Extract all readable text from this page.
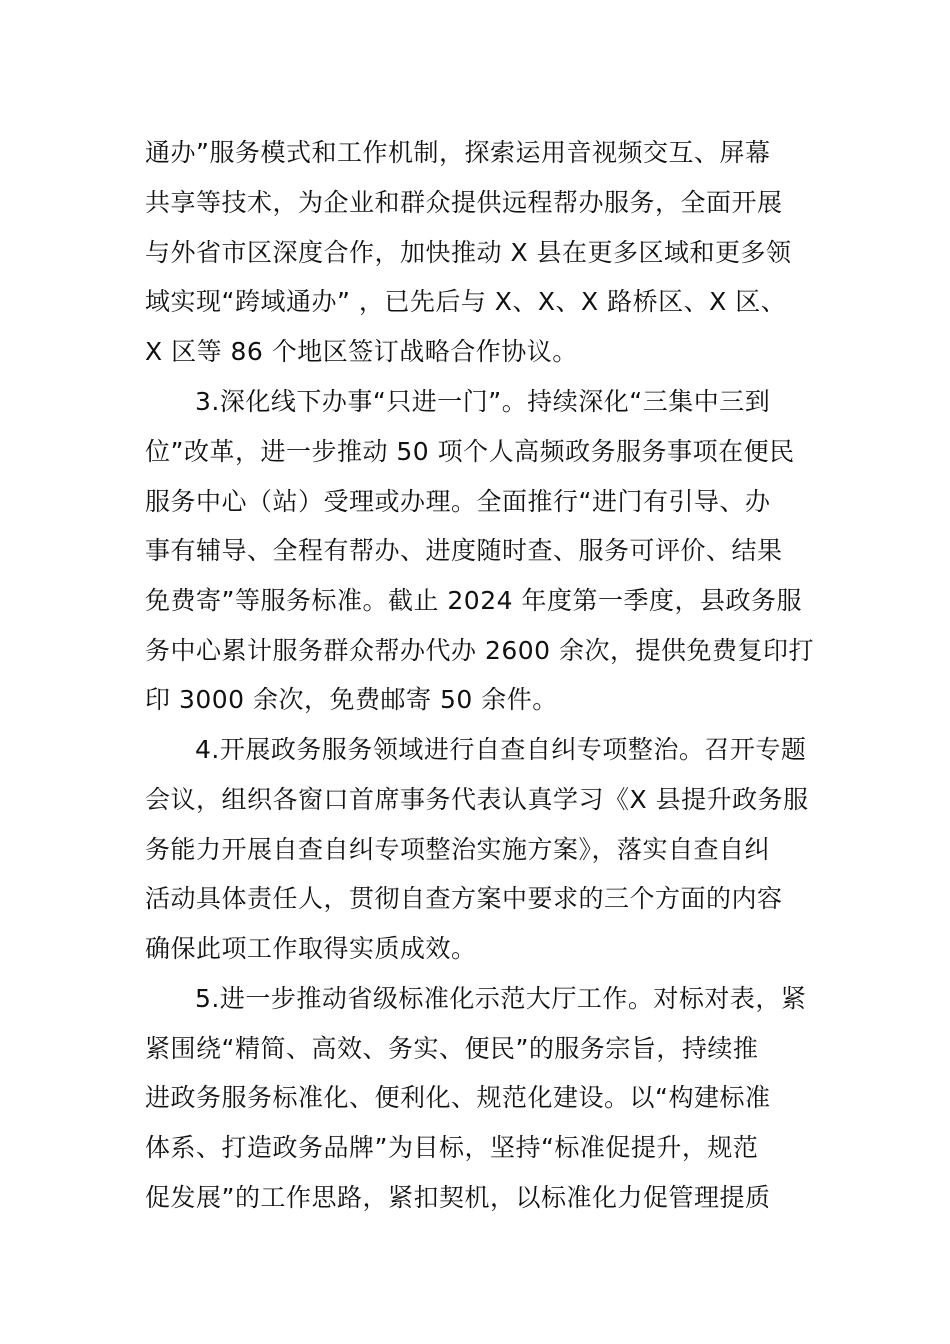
通办”服务模式和工作机制，探索运用音视频交互、屏幕
共享等技术，为企业和群众提供远程帮办服务，全面开展
与外省市区深度合作，加快推动 X 县在更多区域和更多领
域实现“跨域通办” ，已先后与 X、X、X 路桥区、X 区、
X 区等 86 个地区签订战略合作协议。
3.深化线下办事“只进一门”。持续深化“三集中三到
位”改革，进一步推动 50 项个人高频政务服务事项在便民
服务中心（站）受理或办理。全面推行“进门有引导、办
事有辅导、全程有帮办、进度随时查、服务可评价、结果
免费寄”等服务标准。截止 2024 年度第一季度，县政务服
务中心累计服务群众帮办代办 2600 余次，提供免费复印打
印 3000 余次，免费邮寄 50 余件。
4.开展政务服务领域进行自查自纠专项整治。召开专题
会议，组织各窗口首席事务代表认真学习《X 县提升政务服
务能力开展自查自纠专项整治实施方案》，落实自查自纠
活动具体责任人，贯彻自查方案中要求的三个方面的内容
确保此项工作取得实质成效。
5.进一步推动省级标准化示范大厅工作。对标对表，紧
紧围绕“精简、高效、务实、便民”的服务宗旨，持续推
进政务服务标准化、便利化、规范化建设。以“构建标准
体系、打造政务品牌”为目标，坚持“标准促提升，规范
促发展”的工作思路，紧扣契机，以标准化力促管理提质
